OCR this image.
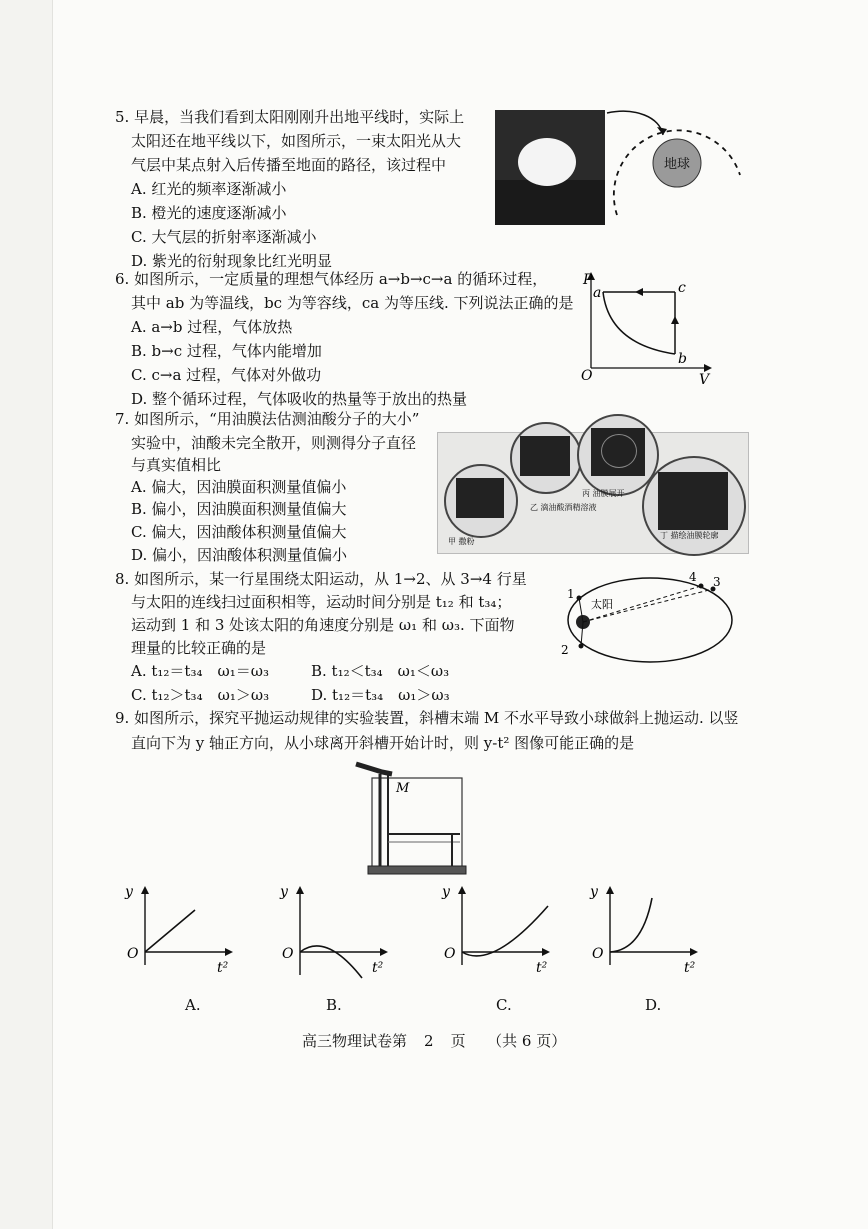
5. 早晨，当我们看到太阳刚刚升出地平线时，实际上
太阳还在地平线以下，如图所示，一束太阳光从大
气层中某点射入后传播至地面的路径，该过程中
A. 红光的频率逐渐减小
B. 橙光的速度逐渐减小
C. 大气层的折射率逐渐减小
D. 紫光的衍射现象比红光明显
地球
6. 如图所示，一定质量的理想气体经历 a→b→c→a 的循环过程，
其中 ab 为等温线，bc 为等容线，ca 为等压线. 下列说法正确的是
A. a→b 过程，气体放热
B. b→c 过程，气体内能增加
C. c→a 过程，气体对外做功
D. 整个循环过程，气体吸收的热量等于放出的热量
P
V
O
a
b
c
7. 如图所示，“用油膜法估测油酸分子的大小”
实验中，油酸未完全散开，则测得分子直径
与真实值相比
A. 偏大，因油膜面积测量值偏小
B. 偏小，因油膜面积测量值偏大
C. 偏大，因油酸体积测量值偏大
D. 偏小，因油酸体积测量值偏小
甲 撒粉
乙 滴油酸酒精溶液
丙 油膜展开
丁 描绘油膜轮廓
8. 如图所示，某一行星围绕太阳运动，从 1→2、从 3→4 行星
与太阳的连线扫过面积相等，运动时间分别是 t₁₂ 和 t₃₄；
运动到 1 和 3 处该太阳的角速度分别是 ω₁ 和 ω₃. 下面物
理量的比较正确的是
A. t₁₂＝t₃₄　ω₁＝ω₃	B. t₁₂＜t₃₄　ω₁＜ω₃
C. t₁₂＞t₃₄　ω₁＞ω₃	D. t₁₂＝t₃₄　ω₁＞ω₃
1
2
3
4
太阳
9. 如图所示，探究平抛运动规律的实验装置，斜槽末端 M 不水平导致小球做斜上抛运动. 以竖
直向下为 y 轴正方向，从小球离开斜槽开始计时，则 y-t² 图像可能正确的是
M
y
O
t²
A.
y
O
t²
B.
y
O
t²
C.
y
O
t²
D.
高三物理试卷第 2 页 （共 6 页）
